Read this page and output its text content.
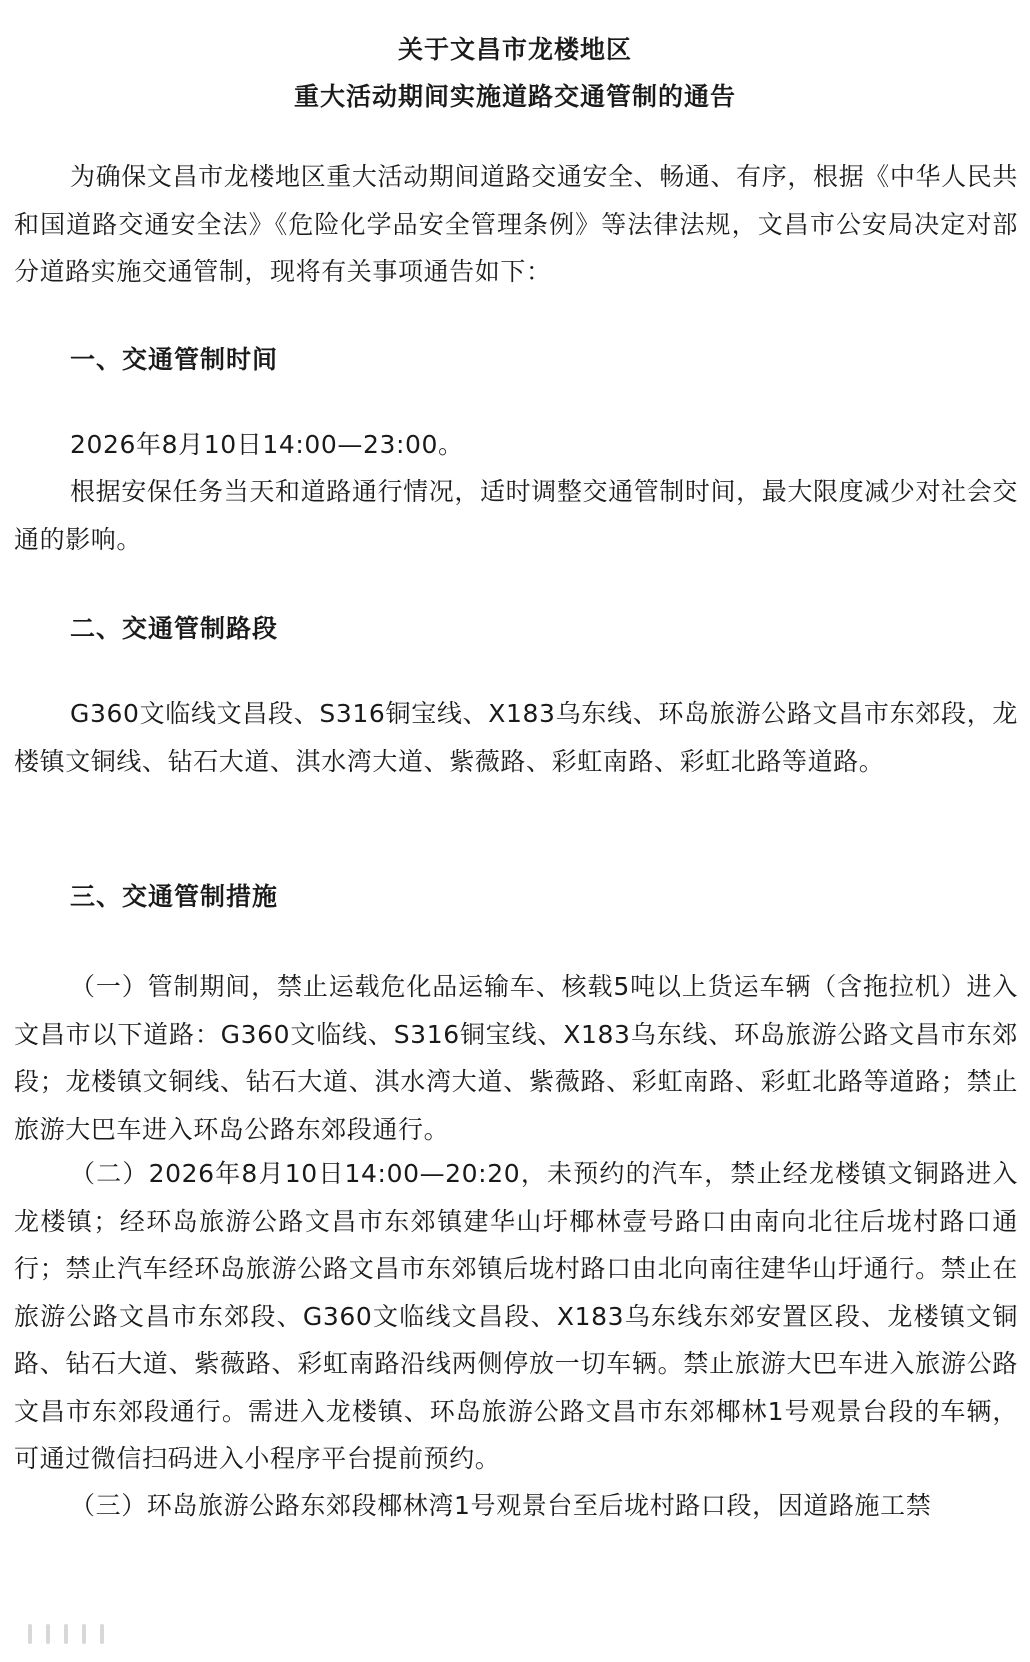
关于文昌市龙楼地区
重大活动期间实施道路交通管制的通告

为确保文昌市龙楼地区重大活动期间道路交通安全、畅通、有序，根据《中华人民共和国道路交通安全法》《危险化学品安全管理条例》等法律法规，文昌市公安局决定对部分道路实施交通管制，现将有关事项通告如下：

一、交通管制时间

2026年8月10日14:00—23:00。

根据安保任务当天和道路通行情况，适时调整交通管制时间，最大限度减少对社会交通的影响。

二、交通管制路段

G360文临线文昌段、S316铜宝线、X183乌东线、环岛旅游公路文昌市东郊段，龙楼镇文铜线、钻石大道、淇水湾大道、紫薇路、彩虹南路、彩虹北路等道路。

三、交通管制措施

（一）管制期间，禁止运载危化品运输车、核载5吨以上货运车辆（含拖拉机）进入文昌市以下道路：G360文临线、S316铜宝线、X183乌东线、环岛旅游公路文昌市东郊段；龙楼镇文铜线、钻石大道、淇水湾大道、紫薇路、彩虹南路、彩虹北路等道路；禁止旅游大巴车进入环岛公路东郊段通行。

（二）2026年8月10日14:00—20:20，未预约的汽车，禁止经龙楼镇文铜路进入龙楼镇；经环岛旅游公路文昌市东郊镇建华山圩椰林壹号路口由南向北往后垅村路口通行；禁止汽车经环岛旅游公路文昌市东郊镇后垅村路口由北向南往建华山圩通行。禁止在旅游公路文昌市东郊段、G360文临线文昌段、X183乌东线东郊安置区段、龙楼镇文铜路、钻石大道、紫薇路、彩虹南路沿线两侧停放一切车辆。禁止旅游大巴车进入旅游公路文昌市东郊段通行。需进入龙楼镇、环岛旅游公路文昌市东郊椰林1号观景台段的车辆，可通过微信扫码进入小程序平台提前预约。

（三）环岛旅游公路东郊段椰林湾1号观景台至后垅村路口段，因道路施工禁
